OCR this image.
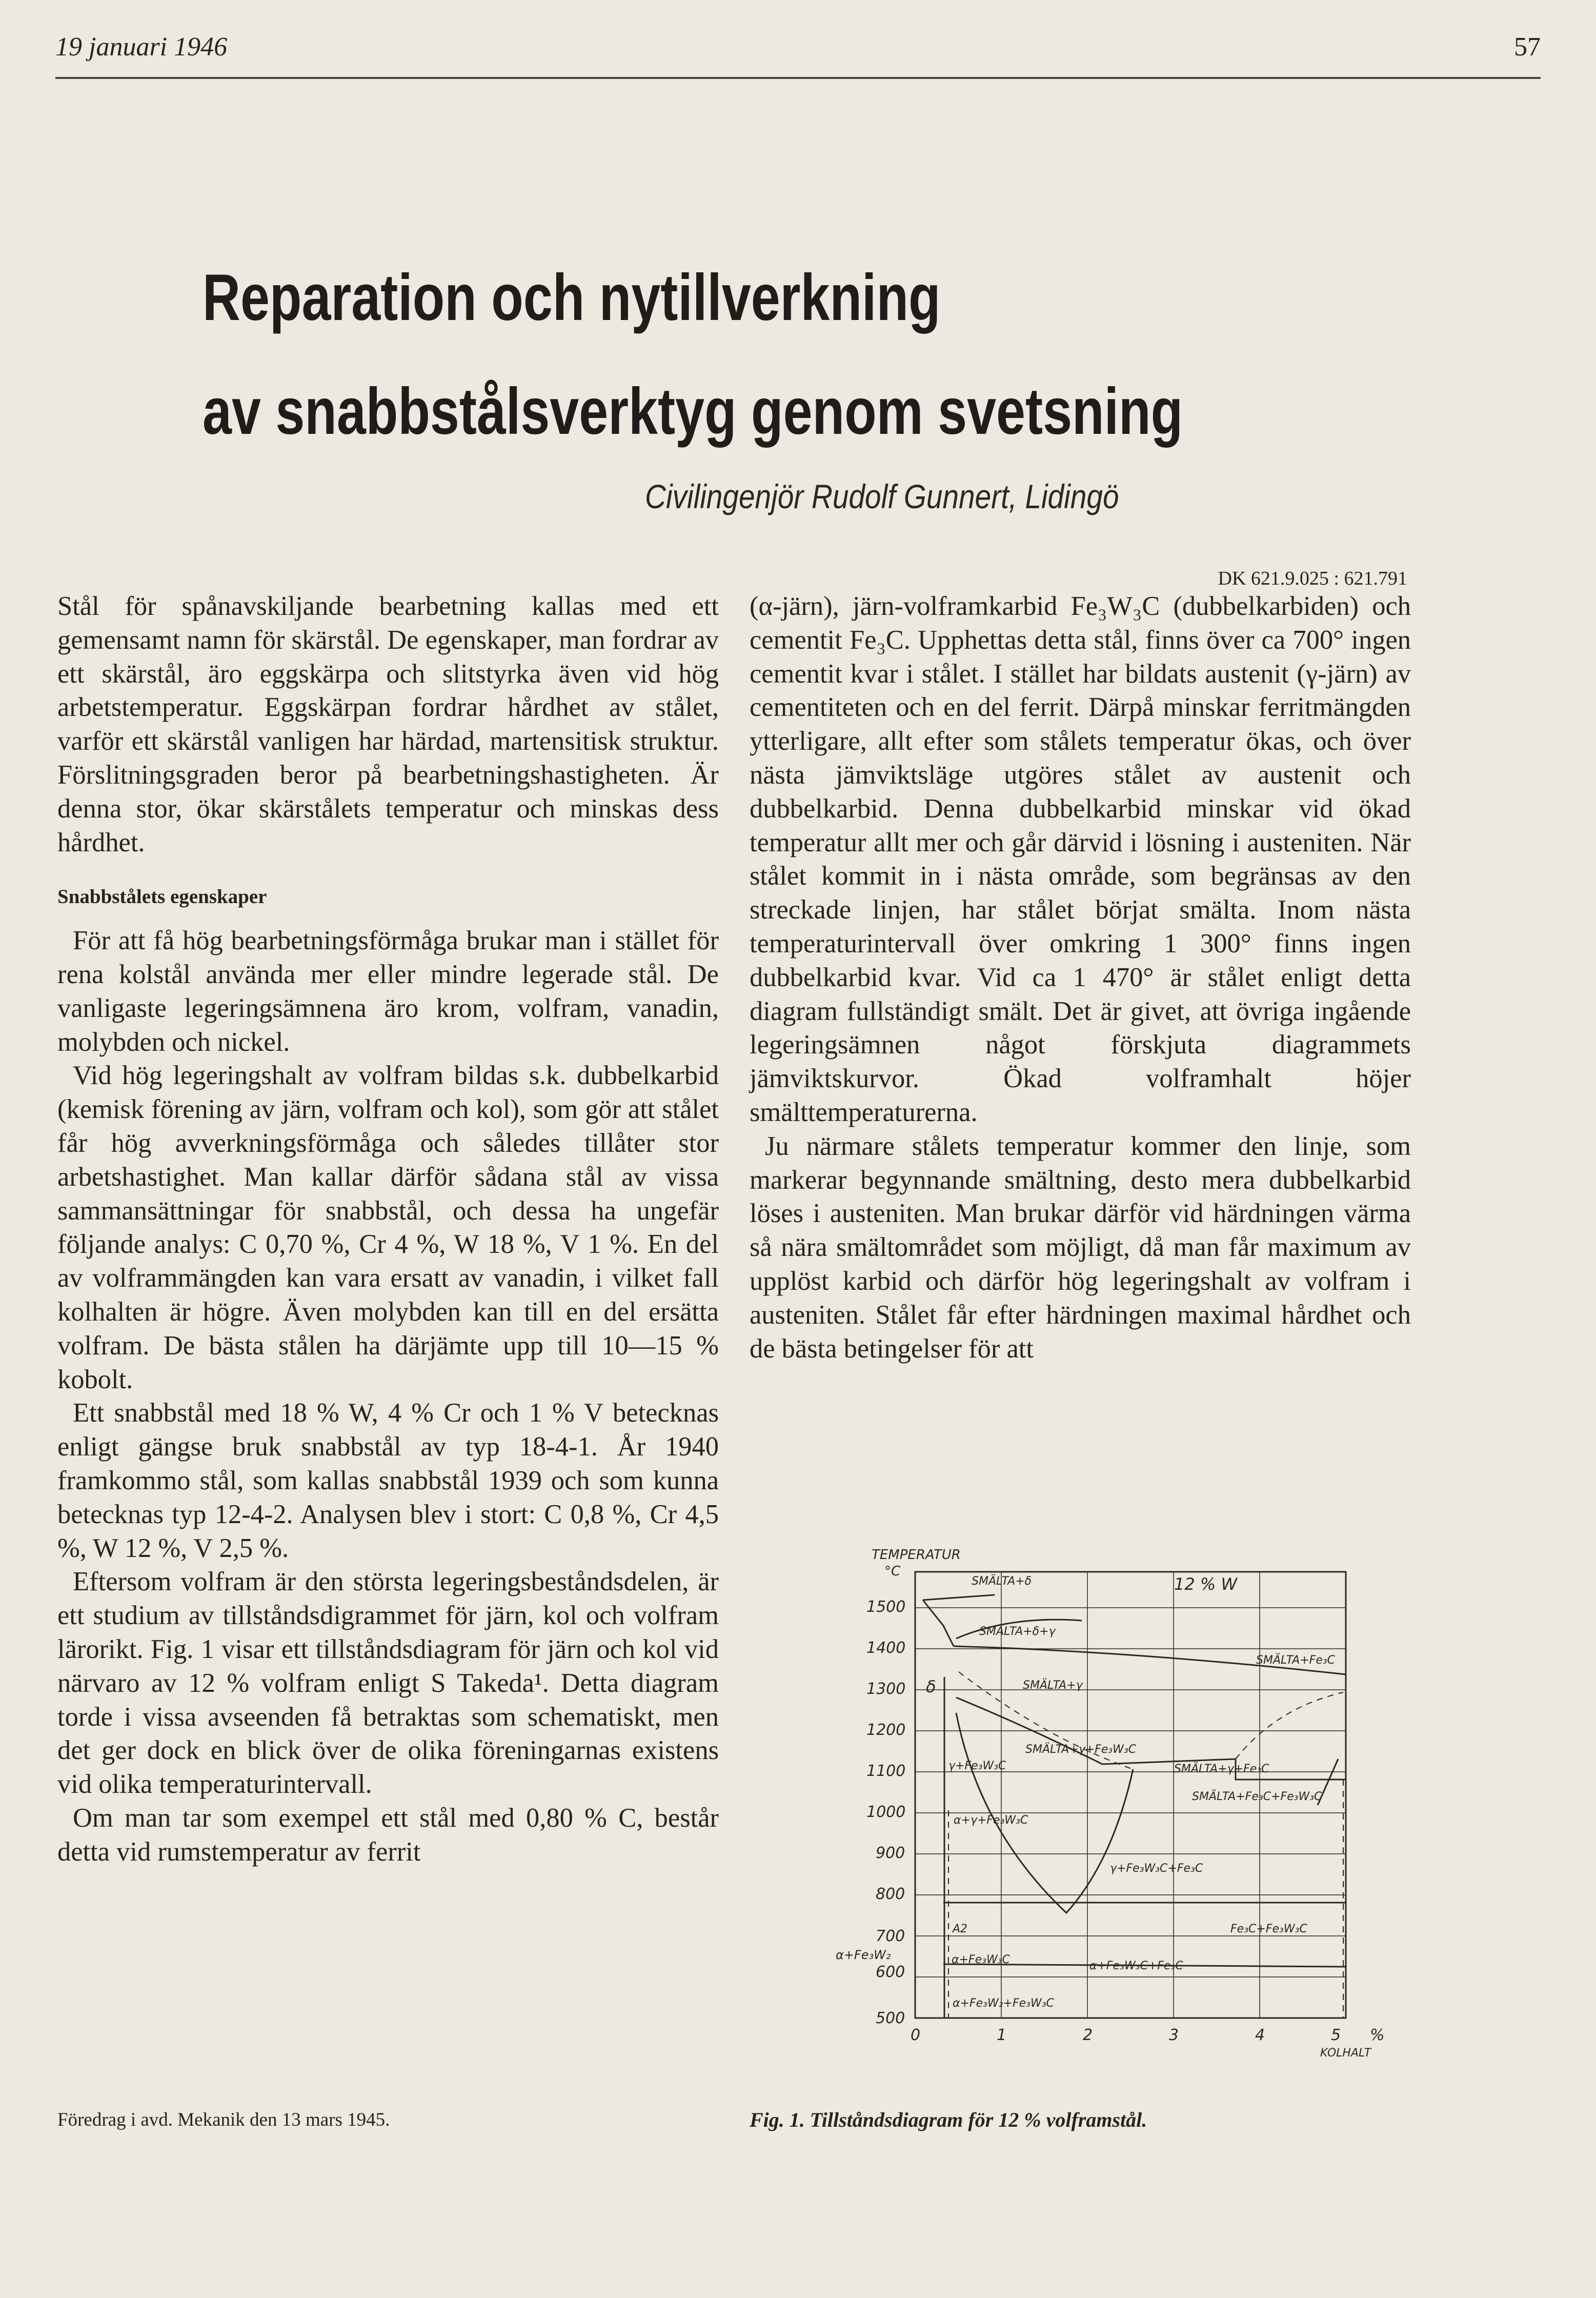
19 januari 1946	57
Reparation och nytillverkning
av snabbstålsverktyg genom svetsning
Civilingenjör Rudolf Gunnert, Lidingö
DK 621.9.025 : 621.791

Stål för spånavskiljande bearbetning kallas med ett gemensamt namn för skärstål. De egenskaper, man fordrar av ett skärstål, äro eggskärpa och slitstyrka även vid hög arbetstemperatur. Eggskärpan fordrar hårdhet av stålet, varför ett skärstål vanligen har härdad, martensitisk struktur. Förslitningsgraden beror på bearbetningshastigheten. Är denna stor, ökar skärstålets temperatur och minskas dess hårdhet.

Snabbstålets egenskaper

För att få hög bearbetningsförmåga brukar man i stället för rena kolstål använda mer eller mindre legerade stål. De vanligaste legeringsämnena äro krom, volfram, vanadin, molybden och nickel.

Vid hög legeringshalt av volfram bildas s.k. dubbelkarbid (kemisk förening av järn, volfram och kol), som gör att stålet får hög avverkningsförmåga och således tillåter stor arbetshastighet. Man kallar därför sådana stål av vissa sammansättningar för snabbstål, och dessa ha ungefär följande analys: C 0,70 %, Cr 4 %, W 18 %, V 1 %. En del av volframmängden kan vara ersatt av vanadin, i vilket fall kolhalten är högre. Även molybden kan till en del ersätta volfram. De bästa stålen ha därjämte upp till 10—15 % kobolt.

Ett snabbstål med 18 % W, 4 % Cr och 1 % V betecknas enligt gängse bruk snabbstål av typ 18-4-1. År 1940 framkommo stål, som kallas snabbstål 1939 och som kunna betecknas typ 12-4-2. Analysen blev i stort: C 0,8 %, Cr 4,5 %, W 12 %, V 2,5 %.

Eftersom volfram är den största legeringsbeståndsdelen, är ett studium av tillståndsdigrammet för järn, kol och volfram lärorikt. Fig. 1 visar ett tillståndsdiagram för järn och kol vid närvaro av 12 % volfram enligt S Takeda¹. Detta diagram torde i vissa avseenden få betraktas som schematiskt, men det ger dock en blick över de olika föreningarnas existens vid olika temperaturintervall.

Om man tar som exempel ett stål med 0,80 % C, består detta vid rumstemperatur av ferrit

(α-järn), järn-volframkarbid Fe₃W₃C (dubbelkarbiden) och cementit Fe₃C. Upphettas detta stål, finns över ca 700° ingen cementit kvar i stålet. I stället har bildats austenit (γ-järn) av cementiteten och en del ferrit. Därpå minskar ferritmängden ytterligare, allt efter som stålets temperatur ökas, och över nästa jämviktsläge utgöres stålet av austenit och dubbelkarbid. Denna dubbelkarbid minskar vid ökad temperatur allt mer och går därvid i lösning i austeniten. När stålet kommit in i nästa område, som begränsas av den streckade linjen, har stålet börjat smälta. Inom nästa temperaturintervall över omkring 1 300° finns ingen dubbelkarbid kvar. Vid ca 1 470° är stålet enligt detta diagram fullständigt smält. Det är givet, att övriga ingående legeringsämnen något förskjuta diagrammets jämviktskurvor. Ökad volframhalt höjer smälttemperaturerna.

Ju närmare stålets temperatur kommer den linje, som markerar begynnande smältning, desto mera dubbelkarbid löses i austeniten. Man brukar därför vid härdningen värma så nära smältområdet som möjligt, då man får maximum av upplöst karbid och därför hög legeringshalt av volfram i austeniten. Stålet får efter härdningen maximal hårdhet och de bästa betingelser för att

TEMPERATUR
°C
1500
1400
1300
1200
1100
1000
900
800
700
600
500
α+Fe₃W₂
0	1	2	3	4	5 %
KOLHALT
12 % W
SMÄLTA+δ
SMÄLTA+δ+γ
SMÄLTA+γ
SMÄLTA+γ+Fe₃W₃C
SMÄLTA+Fe₃C
SMÄLTA+γ+Fe₃C
SMÄLTA+Fe₃C+Fe₃W₃C
δ
γ+Fe₃W₃C
α+γ+Fe₃W₃C
γ+Fe₃W₃C+Fe₃C
Fe₃C+Fe₃W₃C
A2
α+Fe₃W₃C	α+Fe₃W₃C+Fe₃C
α+Fe₃W₂+Fe₃W₃C
Föredrag i avd. Mekanik den 13 mars 1945.	Fig. 1. Tillståndsdiagram för 12 % volframstål.
